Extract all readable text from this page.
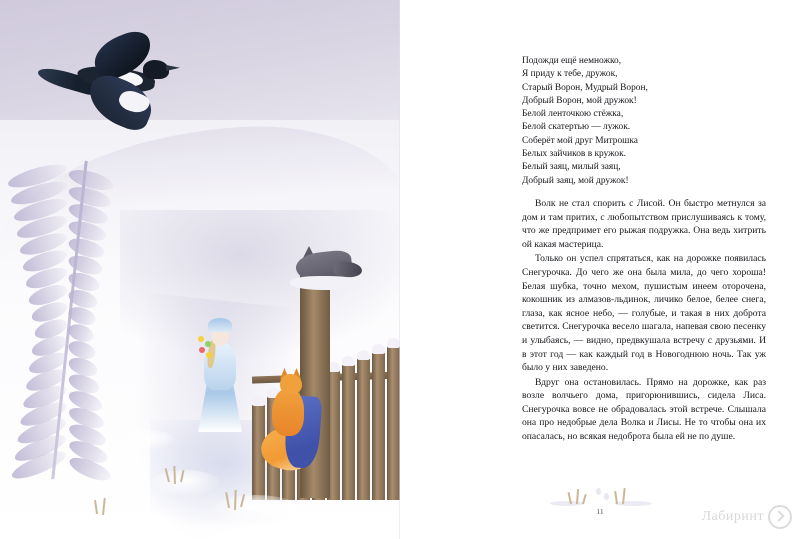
Подожди ещё немножко,
Я приду к тебе, дружок,
Старый Ворон, Мудрый Ворон,
Добрый Ворон, мой дружок!
Белой ленточкою стёжка,
Белой скатертью — лужок.
Соберёт мой друг Митрошка
Белых зайчиков в кружок.
Белый заяц, милый заяц,
Добрый заяц, мой дружок!

Волк не стал спорить с Лисой. Он быстро метнулся за дом и там притих, с любопытством прислушиваясь к тому, что же предпримет его рыжая подружка. Она ведь хитрить ой какая мастерица.

Только он успел спрятаться, как на дорожке появилась Снегурочка. До чего же она была мила, до чего хороша! Белая шубка, точно мехом, пушистым инеем оторочена, кокошник из алмазов-льдинок, личико белое, белее снега, глаза, как ясное небо, — голубые, и такая в них доброта светится. Снегурочка весело шагала, напевая свою песенку и улыбаясь, — видно, предвкушала встречу с друзьями. И в этот год — как каждый год в Новогоднюю ночь. Так уж было у них заведено.

Вдруг она остановилась. Прямо на дорожке, как раз возле волчьего дома, пригорюнившись, сидела Лиса. Снегурочка вовсе не обрадовалась этой встрече. Слышала она про недобрые дела Волка и Лисы. Не то чтобы она их опасалась, но всякая недоброта была ей не по душе.

11	Лабиринт
